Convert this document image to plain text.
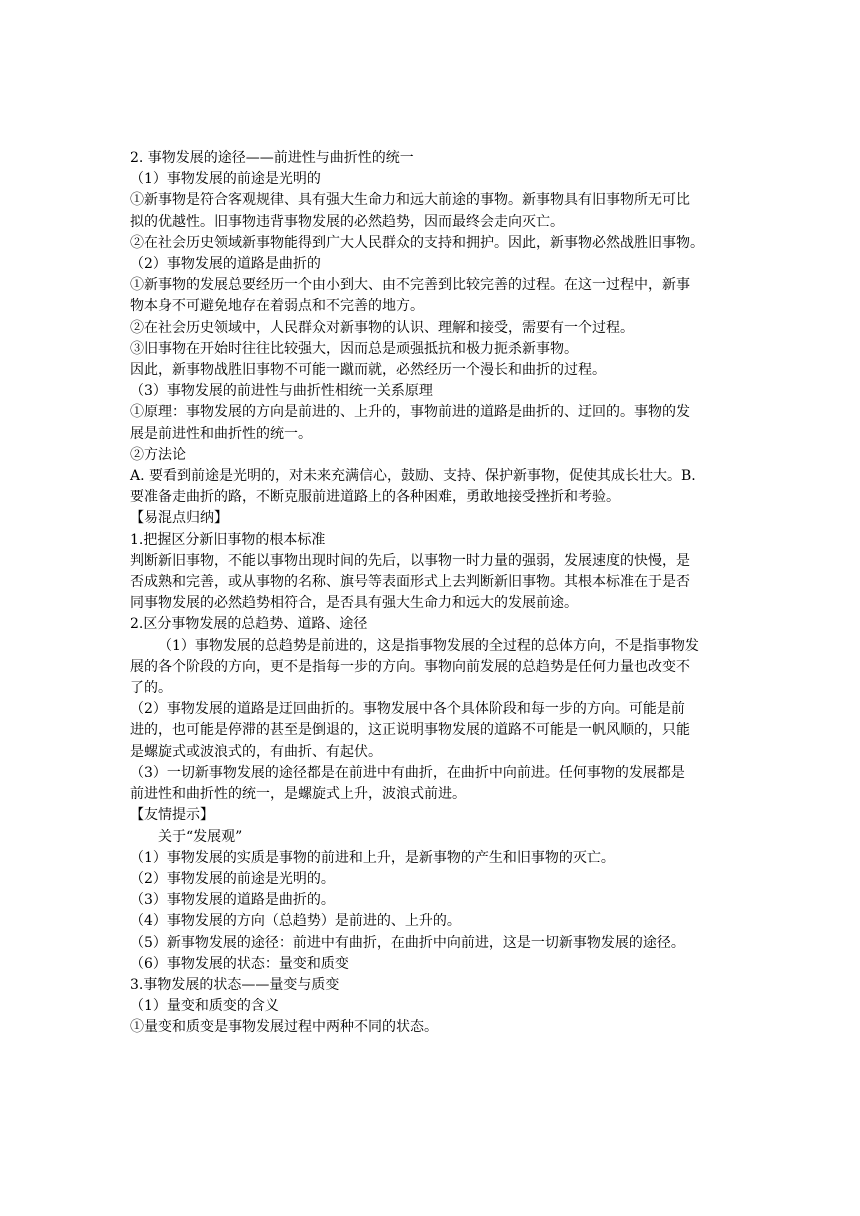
2. 事物发展的途径——前进性与曲折性的统一

（1）事物发展的前途是光明的

①新事物是符合客观规律、具有强大生命力和远大前途的事物。新事物具有旧事物所无可比

拟的优越性。旧事物违背事物发展的必然趋势，因而最终会走向灭亡。

②在社会历史领域新事物能得到广大人民群众的支持和拥护。因此，新事物必然战胜旧事物。

（2）事物发展的道路是曲折的

①新事物的发展总要经历一个由小到大、由不完善到比较完善的过程。在这一过程中，新事

物本身不可避免地存在着弱点和不完善的地方。

②在社会历史领域中，人民群众对新事物的认识、理解和接受，需要有一个过程。

③旧事物在开始时往往比较强大，因而总是顽强抵抗和极力扼杀新事物。

因此，新事物战胜旧事物不可能一蹴而就，必然经历一个漫长和曲折的过程。

（3）事物发展的前进性与曲折性相统一关系原理

①原理：事物发展的方向是前进的、上升的，事物前进的道路是曲折的、迂回的。事物的发

展是前进性和曲折性的统一。

②方法论

A. 要看到前途是光明的，对未来充满信心，鼓励、支持、保护新事物，促使其成长壮大。B.

要准备走曲折的路，不断克服前进道路上的各种困难，勇敢地接受挫折和考验。

【易混点归纳】

1.把握区分新旧事物的根本标准

判断新旧事物，不能以事物出现时间的先后，以事物一时力量的强弱，发展速度的快慢，是

否成熟和完善，或从事物的名称、旗号等表面形式上去判断新旧事物。其根本标准在于是否

同事物发展的必然趋势相符合，是否具有强大生命力和远大的发展前途。

2.区分事物发展的总趋势、道路、途径

（1）事物发展的总趋势是前进的，这是指事物发展的全过程的总体方向，不是指事物发

展的各个阶段的方向，更不是指每一步的方向。事物向前发展的总趋势是任何力量也改变不

了的。

（2）事物发展的道路是迂回曲折的。事物发展中各个具体阶段和每一步的方向。可能是前

进的，也可能是停滞的甚至是倒退的，这正说明事物发展的道路不可能是一帆风顺的，只能

是螺旋式或波浪式的，有曲折、有起伏。

（3）一切新事物发展的途径都是在前进中有曲折，在曲折中向前进。任何事物的发展都是

前进性和曲折性的统一，是螺旋式上升，波浪式前进。

【友情提示】

关于“发展观”

（1）事物发展的实质是事物的前进和上升，是新事物的产生和旧事物的灭亡。

（2）事物发展的前途是光明的。

（3）事物发展的道路是曲折的。

（4）事物发展的方向（总趋势）是前进的、上升的。

（5）新事物发展的途径：前进中有曲折，在曲折中向前进，这是一切新事物发展的途径。

（6）事物发展的状态：量变和质变

3.事物发展的状态——量变与质变

（1）量变和质变的含义

①量变和质变是事物发展过程中两种不同的状态。
